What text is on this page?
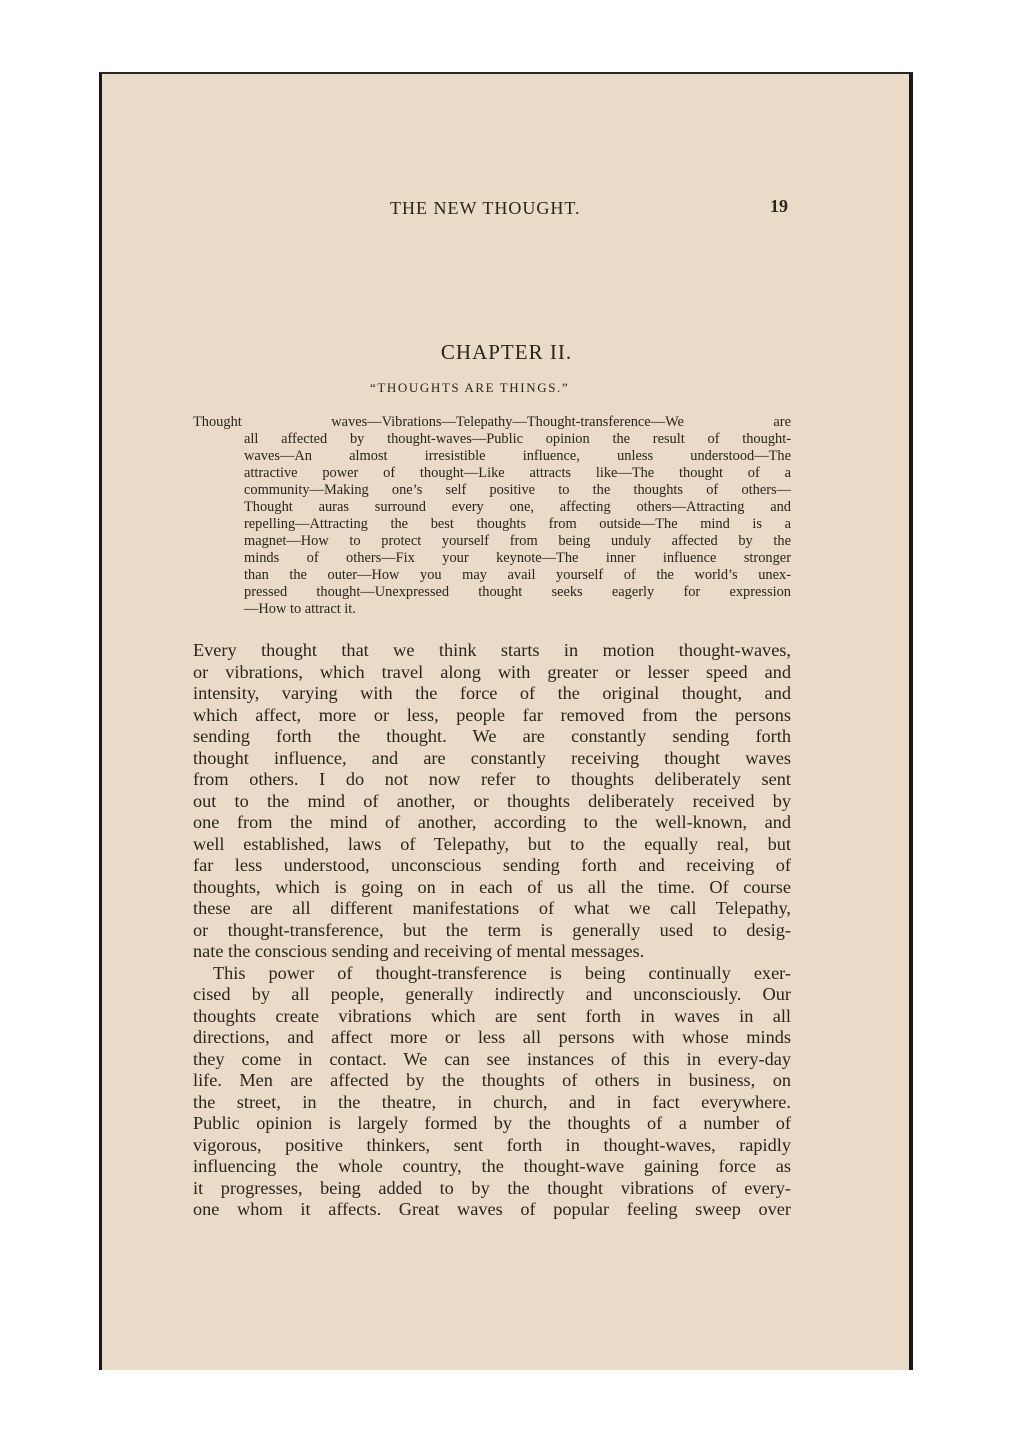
THE NEW THOUGHT.	19

CHAPTER II.

“THOUGHTS ARE THINGS.”

Thought waves—Vibrations—Telepathy—Thought-transference—We are
all affected by thought-waves—Public opinion the result of thought-
waves—An almost irresistible influence, unless understood—The
attractive power of thought—Like attracts like—The thought of a
community—Making one’s self positive to the thoughts of others—
Thought auras surround every one, affecting others—Attracting and
repelling—Attracting the best thoughts from outside—The mind is a
magnet—How to protect yourself from being unduly affected by the
minds of others—Fix your keynote—The inner influence stronger
than the outer—How you may avail yourself of the world’s unex-
pressed thought—Unexpressed thought seeks eagerly for expression
—How to attract it.
Every thought that we think starts in motion thought-waves,
or vibrations, which travel along with greater or lesser speed and
intensity, varying with the force of the original thought, and
which affect, more or less, people far removed from the persons
sending forth the thought. We are constantly sending forth
thought influence, and are constantly receiving thought waves
from others. I do not now refer to thoughts deliberately sent
out to the mind of another, or thoughts deliberately received by
one from the mind of another, according to the well-known, and
well established, laws of Telepathy, but to the equally real, but
far less understood, unconscious sending forth and receiving of
thoughts, which is going on in each of us all the time. Of course
these are all different manifestations of what we call Telepathy,
or thought-transference, but the term is generally used to desig-
nate the conscious sending and receiving of mental messages.
This power of thought-transference is being continually exer-
cised by all people, generally indirectly and unconsciously. Our
thoughts create vibrations which are sent forth in waves in all
directions, and affect more or less all persons with whose minds
they come in contact. We can see instances of this in every-day
life. Men are affected by the thoughts of others in business, on
the street, in the theatre, in church, and in fact everywhere.
Public opinion is largely formed by the thoughts of a number of
vigorous, positive thinkers, sent forth in thought-waves, rapidly
influencing the whole country, the thought-wave gaining force as
it progresses, being added to by the thought vibrations of every-
one whom it affects. Great waves of popular feeling sweep over
